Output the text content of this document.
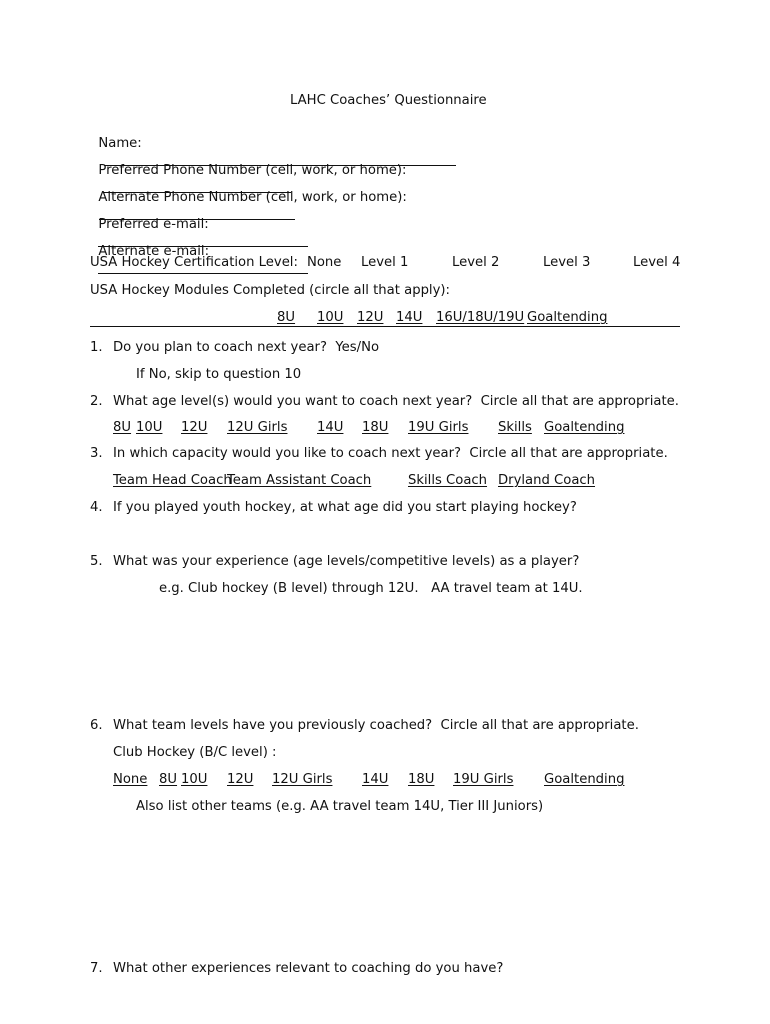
LAHC Coaches’ Questionnaire

Name:

Preferred Phone Number (cell, work, or home):

Alternate Phone Number (cell, work, or home):

Preferred e-mail:

Alternate e-mail:

USA Hockey Certification Level: None Level 1	Level 2	Level 3	Level 4
USA Hockey Modules Completed (circle all that apply):
8U 10U 12U 14U 16U/18U/19U Goaltending
1. Do you plan to coach next year?  Yes/No
If No, skip to question 10
2. What age level(s) would you want to coach next year?  Circle all that are appropriate.
8U 10U 12U 12U Girls 14U 18U 19U Girls Skills Goaltending
3. In which capacity would you like to coach next year?  Circle all that are appropriate.
Team Head Coach
Team Assistant Coach	Skills Coach Dryland Coach
4. If you played youth hockey, at what age did you start playing hockey?
5. What was your experience (age levels/competitive levels) as a player?
e.g. Club hockey (B level) through 12U.   AA travel team at 14U.
6. What team levels have you previously coached?  Circle all that are appropriate.
Club Hockey (B/C level) :
None 8U 10U 12U 12U Girls 14U 18U 19U Girls Goaltending
Also list other teams (e.g. AA travel team 14U, Tier III Juniors)
7. What other experiences relevant to coaching do you have?
